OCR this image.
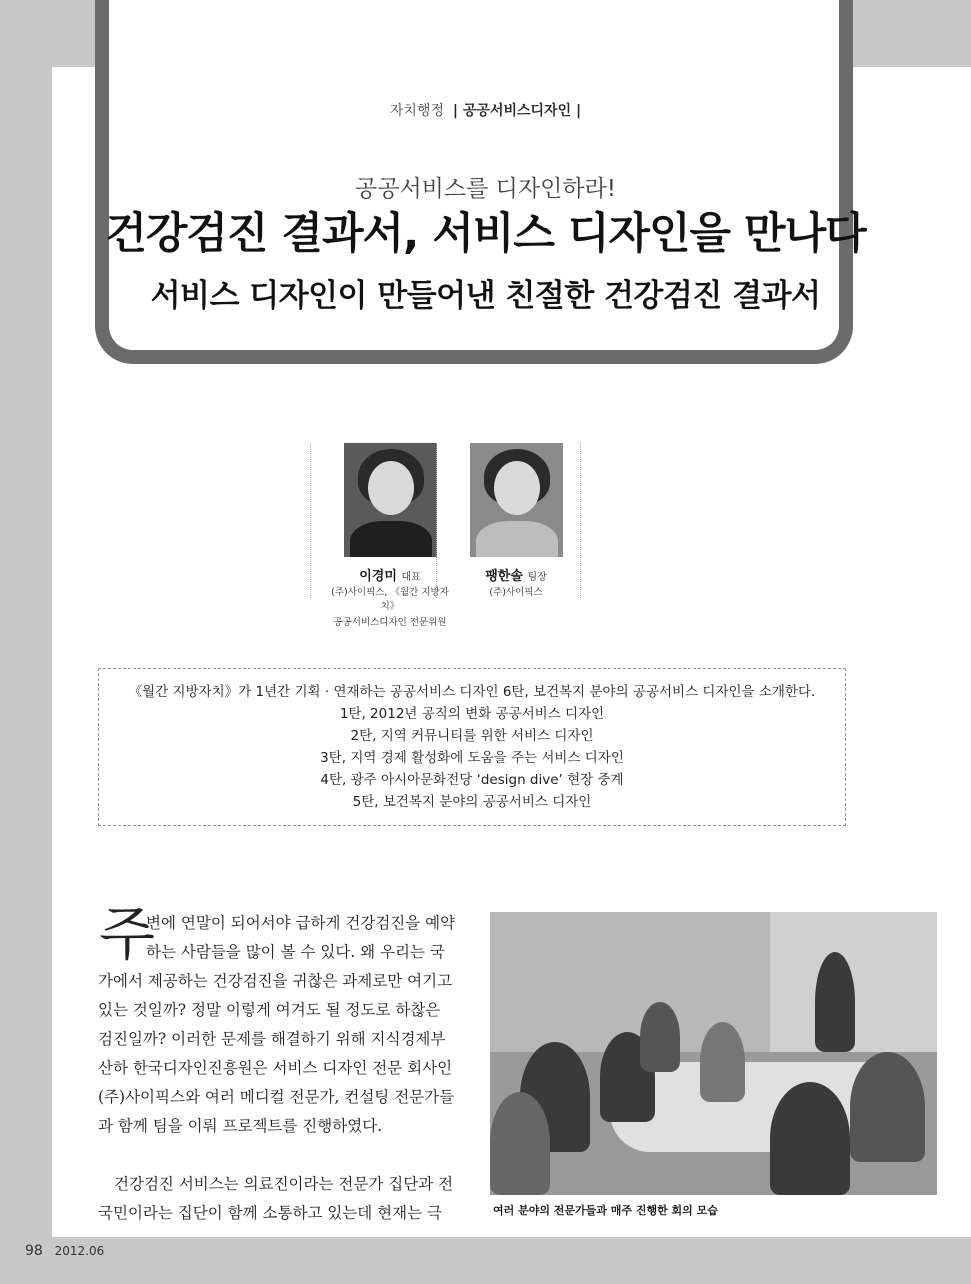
자치행정 | 공공서비스디자인 |
공공서비스를 디자인하라!
건강검진 결과서, 서비스 디자인을 만나다
서비스 디자인이 만들어낸 친절한 건강검진 결과서
이경미 대표
(주)사이픽스, 《월간 지방자치》
공공서비스디자인 전문위원
팽한솔 팀장
(주)사이픽스
《월간 지방자치》가 1년간 기획 · 연재하는 공공서비스 디자인 6탄, 보건복지 분야의 공공서비스 디자인을 소개한다.
1탄, 2012년 공직의 변화 공공서비스 디자인
2탄, 지역 커뮤니티를 위한 서비스 디자인
3탄, 지역 경제 활성화에 도움을 주는 서비스 디자인
4탄, 광주 아시아문화전당 ‘design dive’ 현장 중계
5탄, 보건복지 분야의 공공서비스 디자인
주
변에 연말이 되어서야 급하게 건강검진을 예약
하는 사람들을 많이 볼 수 있다. 왜 우리는 국
가에서 제공하는 건강검진을 귀찮은 과제로만 여기고
있는 것일까? 정말 이렇게 여겨도 될 정도로 하찮은
검진일까? 이러한 문제를 해결하기 위해 지식경제부
산하 한국디자인진흥원은 서비스 디자인 전문 회사인
(주)사이픽스와 여러 메디컬 전문가, 컨설팅 전문가들
과 함께 팀을 이뤄 프로젝트를 진행하였다.
건강검진 서비스는 의료진이라는 전문가 집단과 전
국민이라는 집단이 함께 소통하고 있는데 현재는 극	여러 분야의 전문가들과 매주 진행한 회의 모습
98 2012.06
